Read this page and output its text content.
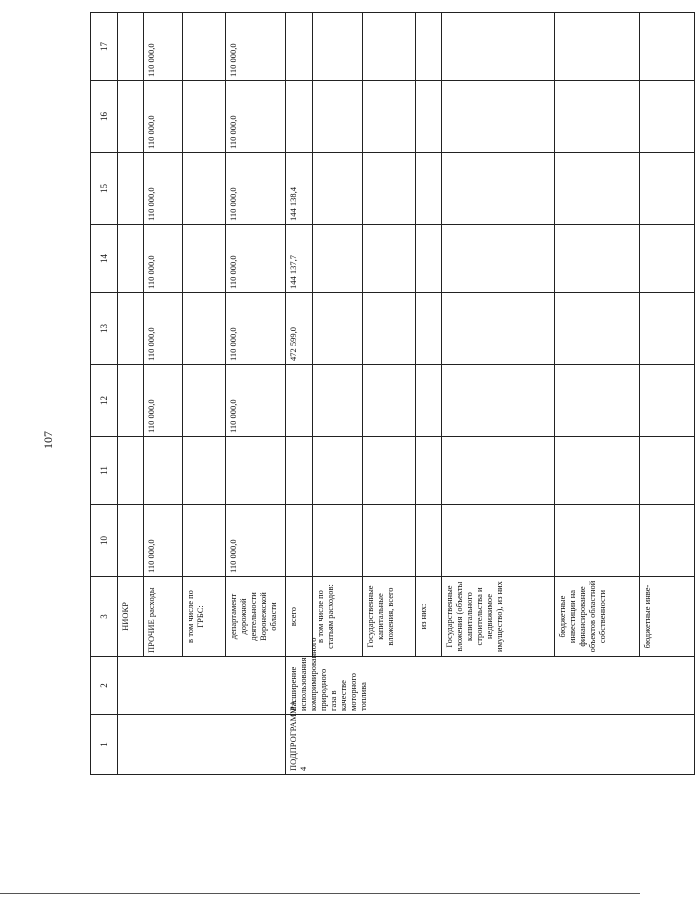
107
1	2	3	10	11	12	13	14	15	16	17
		НИОКР								
		ПРОЧИЕ расходы	110 000,0		110 000,0	110 000,0	110 000,0	110 000,0	110 000,0	110 000,0
		в том числе по ГРБС:								
		департамент дорожной деятельности Воронежской области	110 000,0		110 000,0	110 000,0	110 000,0	110 000,0	110 000,0	110 000,0
ПОДПРОГРАММА 4	Расширение использования компримированного природного газа в качестве моторного топлива	всего				472 599,0	144 137,7	144 138,4		
		в том числе по статьям расходов:								
		Государственные капитальные вложения, всего								
		из них:								
		Государственные вложения (объекты капитального строительства и недвижимое имущество), из них								
		бюджетные инвестиции на финансирование объектов областной собственности								
		бюджетные инве-								
